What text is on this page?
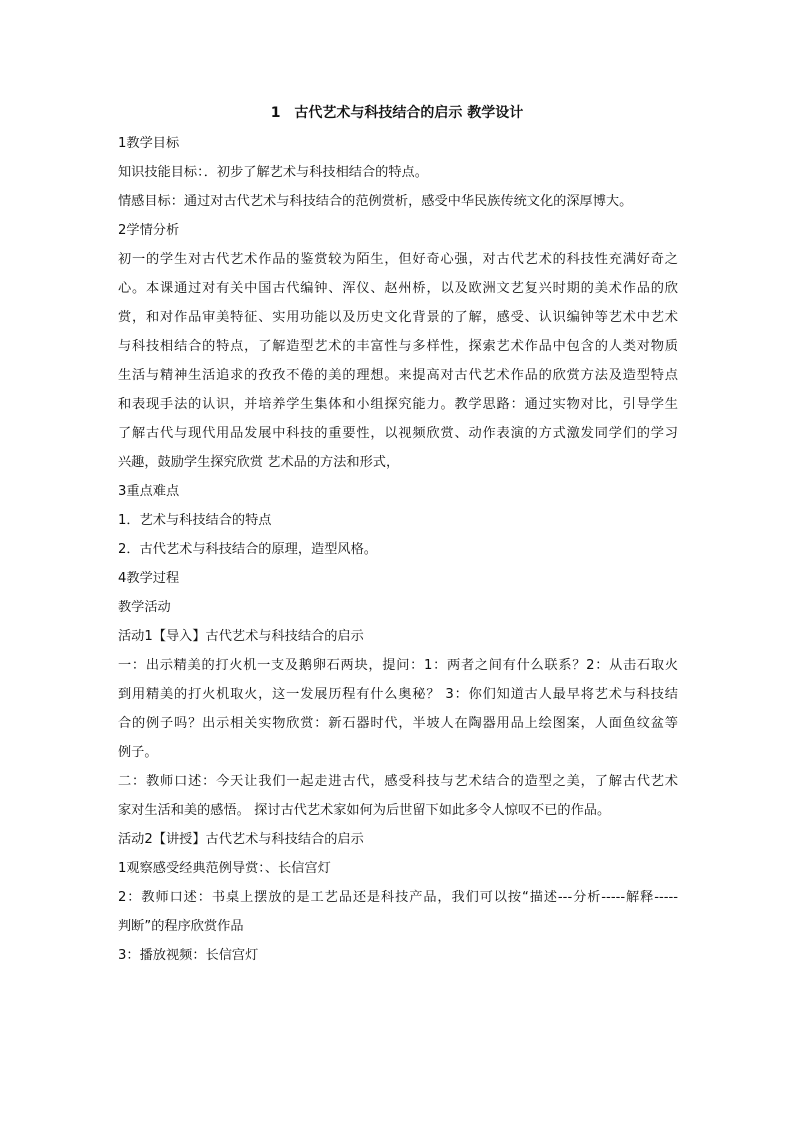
1　古代艺术与科技结合的启示 教学设计
1教学目标
知识技能目标：．初步了解艺术与科技相结合的特点。
情感目标：通过对古代艺术与科技结合的范例赏析，感受中华民族传统文化的深厚博大。
2学情分析
初一的学生对古代艺术作品的鉴赏较为陌生，但好奇心强，对古代艺术的科技性充满好奇之
心。本课通过对有关中国古代编钟、浑仪、赵州桥，以及欧洲文艺复兴时期的美术作品的欣
赏，和对作品审美特征、实用功能以及历史文化背景的了解，感受、认识编钟等艺术中艺术
与科技相结合的特点，了解造型艺术的丰富性与多样性，探索艺术作品中包含的人类对物质
生活与精神生活追求的孜孜不倦的美的理想。来提高对古代艺术作品的欣赏方法及造型特点
和表现手法的认识，并培养学生集体和小组探究能力。教学思路：通过实物对比，引导学生
了解古代与现代用品发展中科技的重要性，以视频欣赏、动作表演的方式激发同学们的学习
兴趣，鼓励学生探究欣赏 艺术品的方法和形式，
3重点难点
1．艺术与科技结合的特点
2．古代艺术与科技结合的原理，造型风格。
4教学过程
教学活动
活动1【导入】古代艺术与科技结合的启示
一：出示精美的打火机一支及鹅卵石两块，提问：1：两者之间有什么联系？2：从击石取火
到用精美的打火机取火，这一发展历程有什么奥秘？ 3：你们知道古人最早将艺术与科技结
合的例子吗？出示相关实物欣赏：新石器时代，半坡人在陶器用品上绘图案，人面鱼纹盆等
例子。
二：教师口述：今天让我们一起走进古代，感受科技与艺术结合的造型之美，了解古代艺术
家对生活和美的感悟。 探讨古代艺术家如何为后世留下如此多令人惊叹不已的作品。
活动2【讲授】古代艺术与科技结合的启示
1观察感受经典范例导赏：、长信宫灯
2：教师口述：书桌上摆放的是工艺品还是科技产品，我们可以按“描述---分析-----解释-----
判断”的程序欣赏作品
3：播放视频：长信宫灯
